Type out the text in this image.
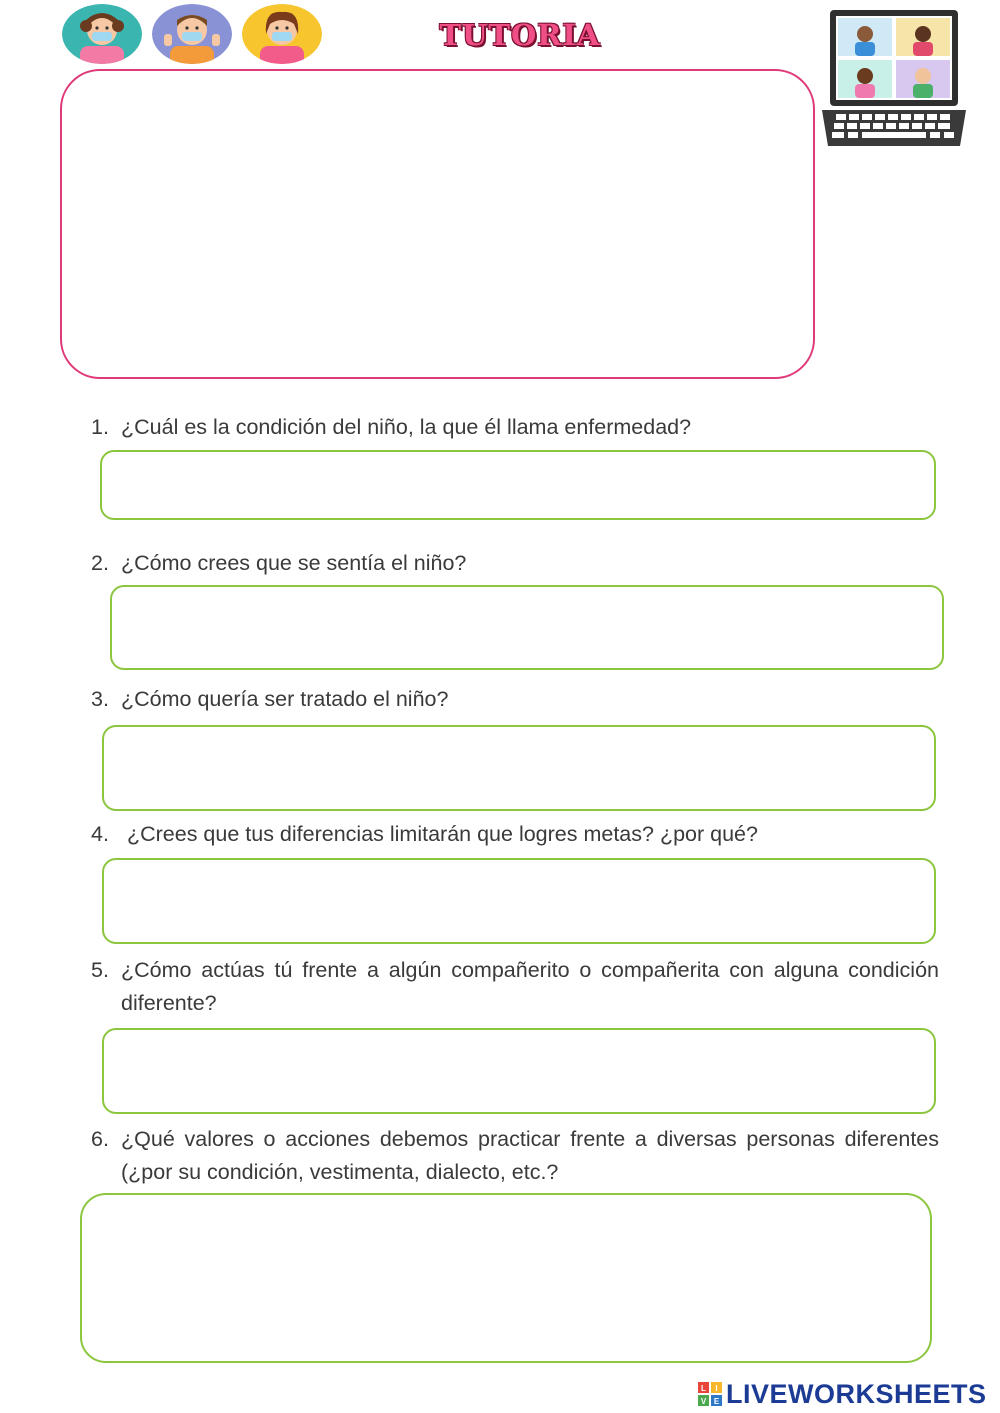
TUTORIA
1. ¿Cuál es la condición del niño, la que él llama enfermedad?
2. ¿Cómo crees que se sentía el niño?
3. ¿Cómo quería ser tratado el niño?
4. ¿Crees que tus diferencias limitarán que logres metas? ¿por qué?
5. ¿Cómo actúas tú frente a algún compañerito o compañerita con alguna condición diferente?
6. ¿Qué valores o acciones debemos practicar frente a diversas personas diferentes (¿por su condición, vestimenta, dialecto, etc.?
L I
V E LIVEWORKSHEETS
